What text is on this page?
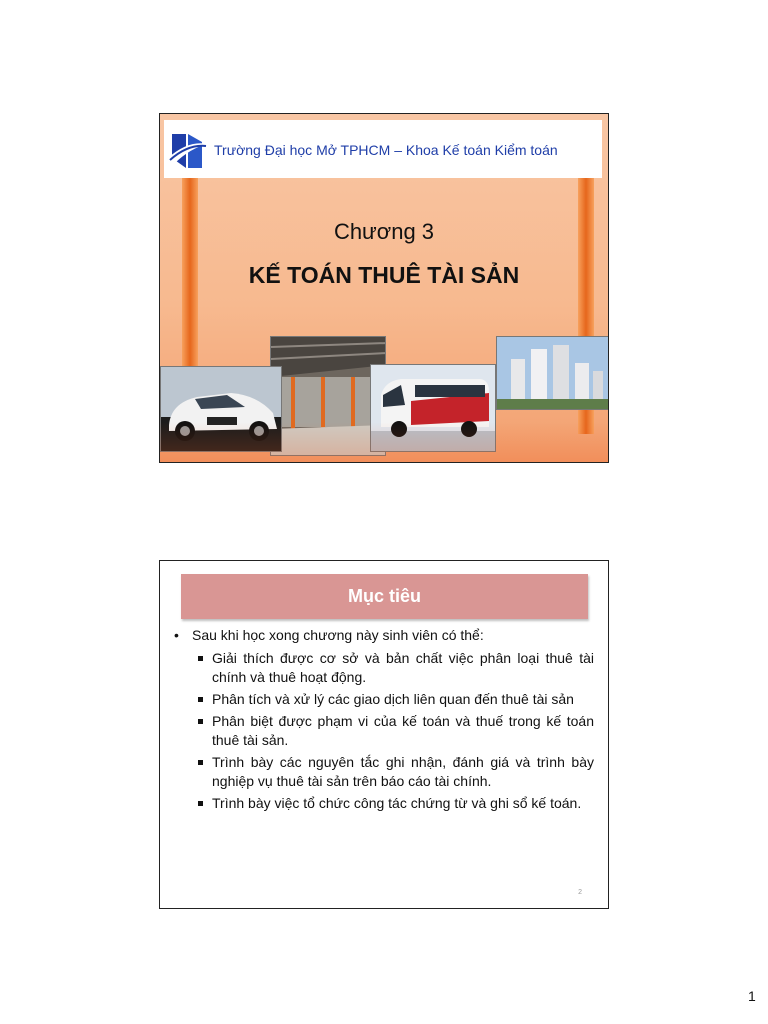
Trường Đại học Mở TPHCM – Khoa Kế toán Kiểm toán
Chương 3
KẾ TOÁN THUÊ TÀI SẢN
Mục tiêu
• Sau khi học xong chương này sinh viên có thể:
Giải thích được cơ sở và bản chất việc phân loại thuê tài chính và thuê hoạt động.
Phân tích và xử lý các giao dịch liên quan đến thuê tài sản
Phân biệt được phạm vi của kế toán và thuế trong kế toán thuê tài sản.
Trình bày các nguyên tắc ghi nhận, đánh giá và trình bày nghiệp vụ thuê tài sản trên báo cáo tài chính.
Trình bày việc tổ chức công tác chứng từ và ghi sổ kế toán.
2
1
